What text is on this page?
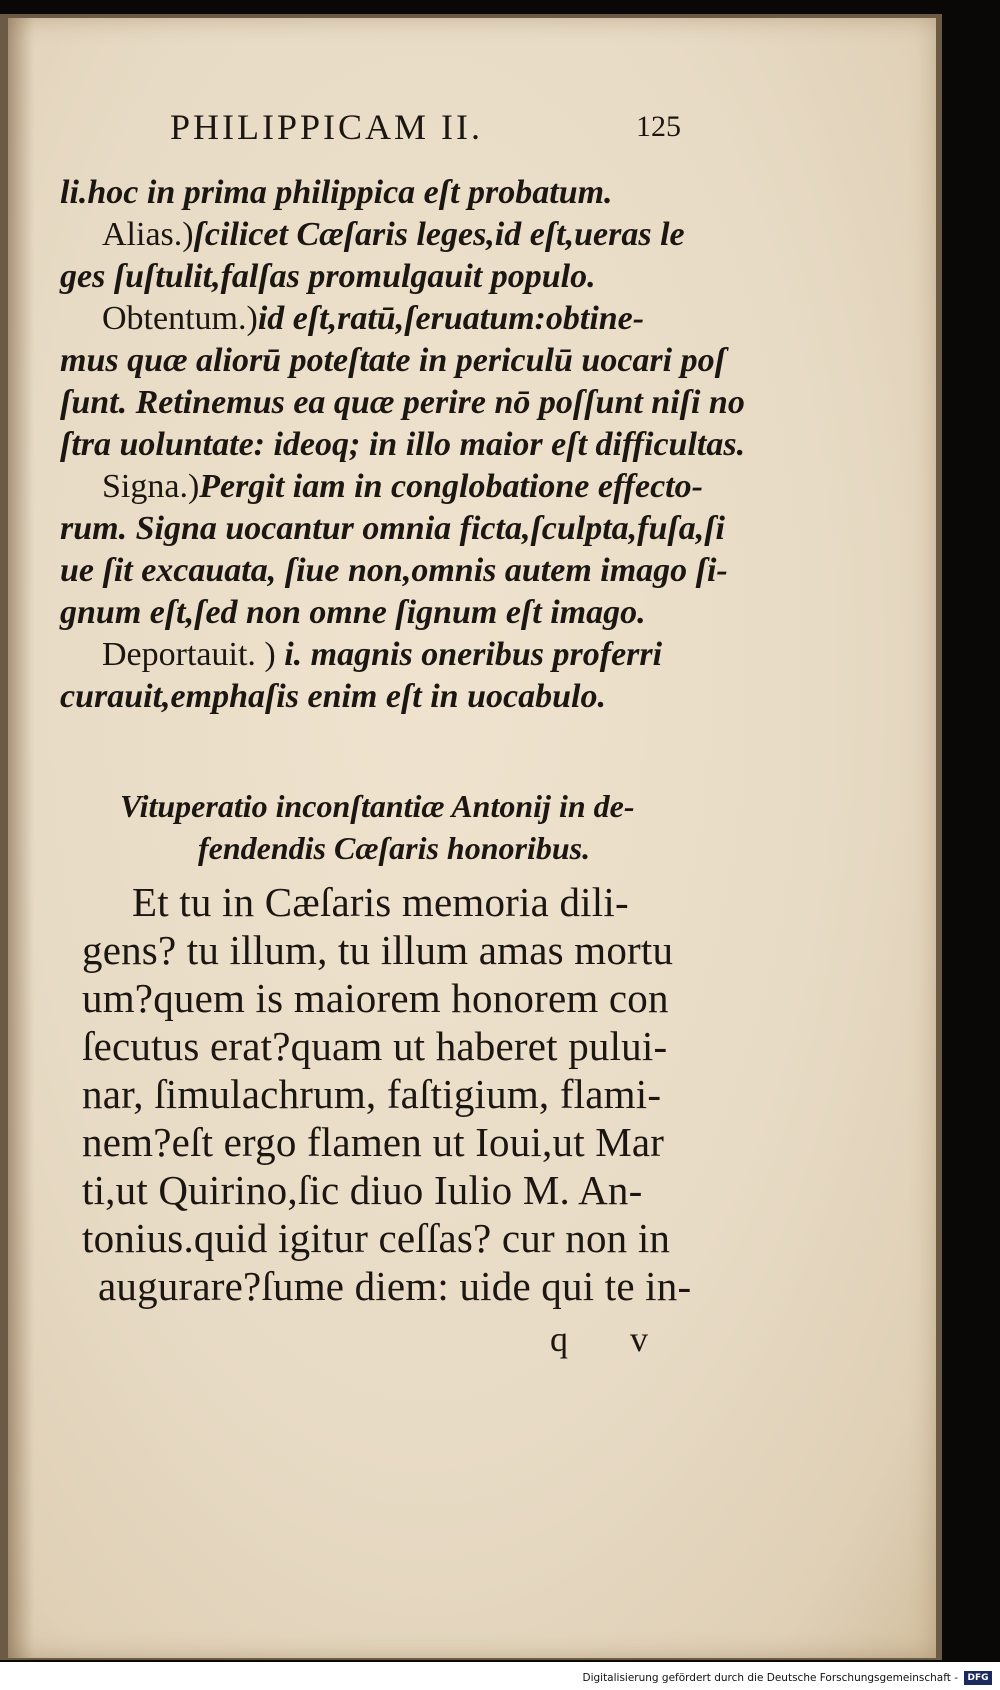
PHILIPPICAM II.	125
li.hoc in prima philippica eſt probatum.
Alias.)ſcilicet Cæſaris leges,id eſt,ueras le
ges ſuſtulit,falſas promulgauit populo.
Obtentum.)id eſt,ratū,ſeruatum:obtine-
mus quæ aliorū poteſtate in periculū uocari poſ
ſunt. Retinemus ea quæ perire nō poſſunt niſi no
ſtra uoluntate: ideoq; in illo maior eſt difficultas.
Signa.)Pergit iam in conglobatione effecto-
rum. Signa uocantur omnia ficta,ſculpta,fuſa,ſi
ue ſit excauata, ſiue non,omnis autem imago ſi-
gnum eſt,ſed non omne ſignum eſt imago.
Deportauit. ) i. magnis oneribus proferri
curauit,emphaſis enim eſt in uocabulo.
Vituperatio inconſtantiæ Antonij in de-
fendendis Cæſaris honoribus.
Et tu in Cæſaris memoria dili-
gens? tu illum, tu illum amas mortu
um?quem is maiorem honorem con
ſecutus erat?quam ut haberet pului-
nar, ſimulachrum, faſtigium, flami-
nem?eſt ergo flamen ut Ioui,ut Mar
ti,ut Quirino,ſic diuo Iulio M. An-
tonius.quid igitur ceſſas? cur non in
augurare?ſume diem: uide qui te in-
q v
Digitalisierung gefördert durch die Deutsche Forschungsgemeinschaft -	DFG
